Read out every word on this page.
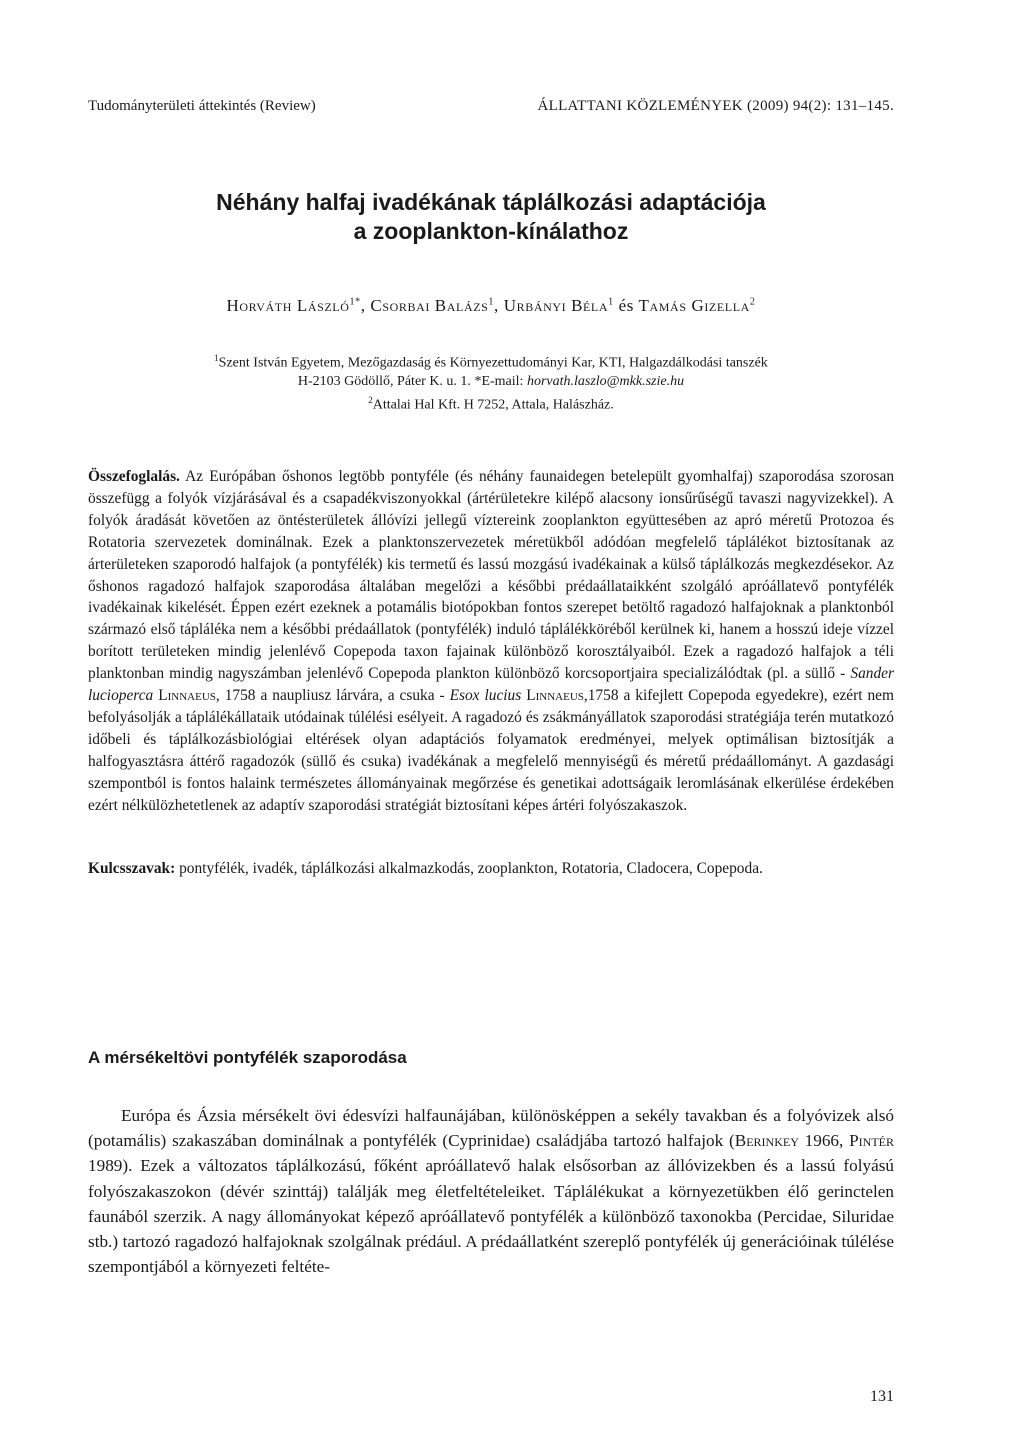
Tudományterületi áttekintés (Review)	ÁLLATTANI KÖZLEMÉNYEK (2009) 94(2): 131–145.
Néhány halfaj ivadékának táplálkozási adaptációja
a zooplankton-kínálathoz
Horváth László$^{1*}$, Csorbai Balázs$^1$, Urbányi Béla$^1$ és Tamás Gizella$^2$
$^1$Szent István Egyetem, Mezőgazdaság és Környezettudományi Kar, KTI, Halgazdálkodási tanszék
H-2103 Gödöllő, Páter K. u. 1. *E-mail: horvath.laszlo@mkk.szie.hu
$^2$Attalai Hal Kft. H 7252, Attala, Halászház.
Összefoglalás. Az Európában őshonos legtöbb pontyféle (és néhány faunaidegen betelepült gyomhalfaj) szaporodása szorosan összefügg a folyók vízjárásával és a csapadékviszonyokkal (ártérületekre kilépő alacsony ionsűrűségű tavaszi nagyvizekkel). A folyók áradását követően az öntésterületek állóvízi jellegű víztereink zooplankton együttesében az apró méretű Protozoa és Rotatoria szervezetek dominálnak. Ezek a planktonszervezetek méretükből adódóan megfelelő táplálékot biztosítanak az árterületeken szaporodó halfajok (a pontyfélék) kis termetű és lassú mozgású ivadékainak a külső táplálkozás megkezdésekor. Az őshonos ragadozó halfajok szaporodása általában megelőzi a későbbi prédaállataikként szolgáló apróállatevő pontyfélék ivadékainak kikelését. Éppen ezért ezeknek a potamális biotópokban fontos szerepet betöltő ragadozó halfajoknak a planktonból származó első tápláléka nem a későbbi prédaállatok (pontyfélék) induló táplálékköréből kerülnek ki, hanem a hosszú ideje vízzel borított területeken mindig jelenlévő Copepoda taxon fajainak különböző korosztályaiból. Ezek a ragadozó halfajok a téli planktonban mindig nagyszámban jelenlévő Copepoda plankton különböző korcsoportjaira specializálódtak (pl. a süllő - Sander lucioperca Linnaeus, 1758 a naupliusz lárvára, a csuka - Esox lucius Linnaeus,1758 a kifejlett Copepoda egyedekre), ezért nem befolyásolják a táplálékállataik utódainak túlélési esélyeit. A ragadozó és zsákmányállatok szaporodási stratégiája terén mutatkozó időbeli és táplálkozásbiológiai eltérések olyan adaptációs folyamatok eredményei, melyek optimálisan biztosítják a halfogyasztásra áttérő ragadozók (süllő és csuka) ivadékának a megfelelő mennyiségű és méretű prédaállományt. A gazdasági szempontból is fontos halaink természetes állományainak megőrzése és genetikai adottságaik leromlásának elkerülése érdekében ezért nélkülözhetetlenek az adaptív szaporodási stratégiát biztosítani képes ártéri folyószakaszok.
Kulcsszavak: pontyfélék, ivadék, táplálkozási alkalmazkodás, zooplankton, Rotatoria, Cladocera, Copepoda.
A mérsékeltövi pontyfélék szaporodása
Európa és Ázsia mérsékelt övi édesvízi halfaunájában, különösképpen a sekély tavakban és a folyóvizek alsó (potamális) szakaszában dominálnak a pontyfélék (Cyprinidae) családjába tartozó halfajok (Berinkey 1966, Pintér 1989). Ezek a változatos táplálkozású, főként apróállatevő halak elsősorban az állóvizekben és a lassú folyású folyószakaszokon (dévér szinttáj) találják meg életfeltételeiket. Táplálékukat a környezetükben élő gerinctelen faunából szerzik. A nagy állományokat képező apróállatevő pontyfélék a különböző taxonokba (Percidae, Siluridae stb.) tartozó ragadozó halfajoknak szolgálnak prédául. A prédaállatként szereplő pontyfélék új generációinak túlélése szempontjából a környezeti feltéte-
131
